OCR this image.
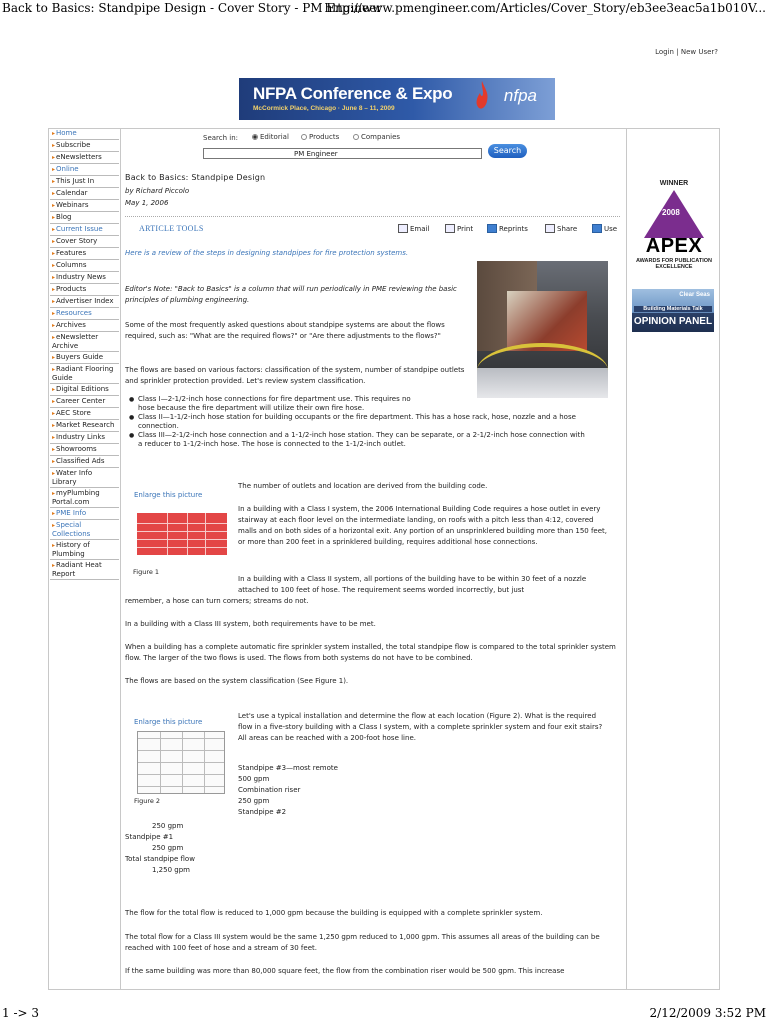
Back to Basics: Standpipe Design - Cover Story - PM Engineer
http://www.pmengineer.com/Articles/Cover_Story/eb3ee3eac5a1b010V...
Login | New User?
NFPA Conference & Expo
McCormick Place, Chicago · June 8 – 11, 2009
nfpa
▸Home
▸Subscribe
▸eNewsletters
▸Online
▸This Just In
▸Calendar
▸Webinars
▸Blog
▸Current Issue
▸Cover Story
▸Features
▸Columns
▸Industry News
▸Products
▸Advertiser Index
▸Resources
▸Archives
▸eNewsletter Archive
▸Buyers Guide
▸Radiant Flooring Guide
▸Digital Editions
▸Career Center
▸AEC Store
▸Market Research
▸Industry Links
▸Showrooms
▸Classified Ads
▸Water Info Library
▸myPlumbing Portal.com
▸PME Info
▸Special Collections
▸History of Plumbing
▸Radiant Heat Report
Search in:	Editorial	Products	Companies
PM Engineer	Search
Back to Basics: Standpipe Design
by Richard Piccolo
May 1, 2006
ARTICLE TOOLS	Email	Print	Reprints	Share	Use
Here is a review of the steps in designing standpipes for fire protection systems.
Editor's Note: "Back to Basics" is a column that will run periodically in PME reviewing the basic principles of plumbing engineering.
Some of the most frequently asked questions about standpipe systems are about the flows required, such as: "What are the required flows?" or "Are there adjustments to the flows?"
The flows are based on various factors: classification of the system, number of standpipe outlets and sprinkler protection provided. Let's review system classification.
● Class I—2-1/2-inch hose connections for fire department use. This requires no hose because the fire department will utilize their own fire hose.
● Class II—1-1/2-inch hose station for building occupants or the fire department. This has a hose rack, hose, nozzle and a hose connection.
● Class III—2-1/2-inch hose connection and a 1-1/2-inch hose station. They can be separate, or a 2-1/2-inch hose connection with a reducer to 1-1/2-inch hose. The hose is connected to the 1-1/2-inch outlet.
Enlarge this picture
Figure 1
The number of outlets and location are derived from the building code.
In a building with a Class I system, the 2006 International Building Code requires a hose outlet in every stairway at each floor level on the intermediate landing, on roofs with a pitch less than 4:12, covered malls and on both sides of a horizontal exit. Any portion of an unsprinklered building more than 150 feet, or more than 200 feet in a sprinklered building, requires additional hose connections.
In a building with a Class II system, all portions of the building have to be within 30 feet of a nozzle attached to 100 feet of hose. The requirement seems worded incorrectly, but just
remember, a hose can turn corners; streams do not.
In a building with a Class III system, both requirements have to be met.
When a building has a complete automatic fire sprinkler system installed, the total standpipe flow is compared to the total sprinkler system flow. The larger of the two flows is used. The flows from both systems do not have to be combined.
The flows are based on the system classification (See Figure 1).
Enlarge this picture
Figure 2
Let's use a typical installation and determine the flow at each location (Figure 2). What is the required flow in a five-story building with a Class I system, with a complete sprinkler system and four exit stairs? All areas can be reached with a 200-foot hose line.
Standpipe #3—most remote
500 gpm
Combination riser
250 gpm
Standpipe #2
250 gpm
Standpipe #1
250 gpm
Total standpipe flow
1,250 gpm
The flow for the total flow is reduced to 1,000 gpm because the building is equipped with a complete sprinkler system.
The total flow for a Class III system would be the same 1,250 gpm reduced to 1,000 gpm. This assumes all areas of the building can be reached with 100 feet of hose and a stream of 30 feet.
If the same building was more than 80,000 square feet, the flow from the combination riser would be 500 gpm. This increase
WINNER
APEX
AWARDS FOR PUBLICATION EXCELLENCE
2008
Clear Seas
Building Materials Talk
OPINION PANEL
1 -> 3	2/12/2009 3:52 PM
